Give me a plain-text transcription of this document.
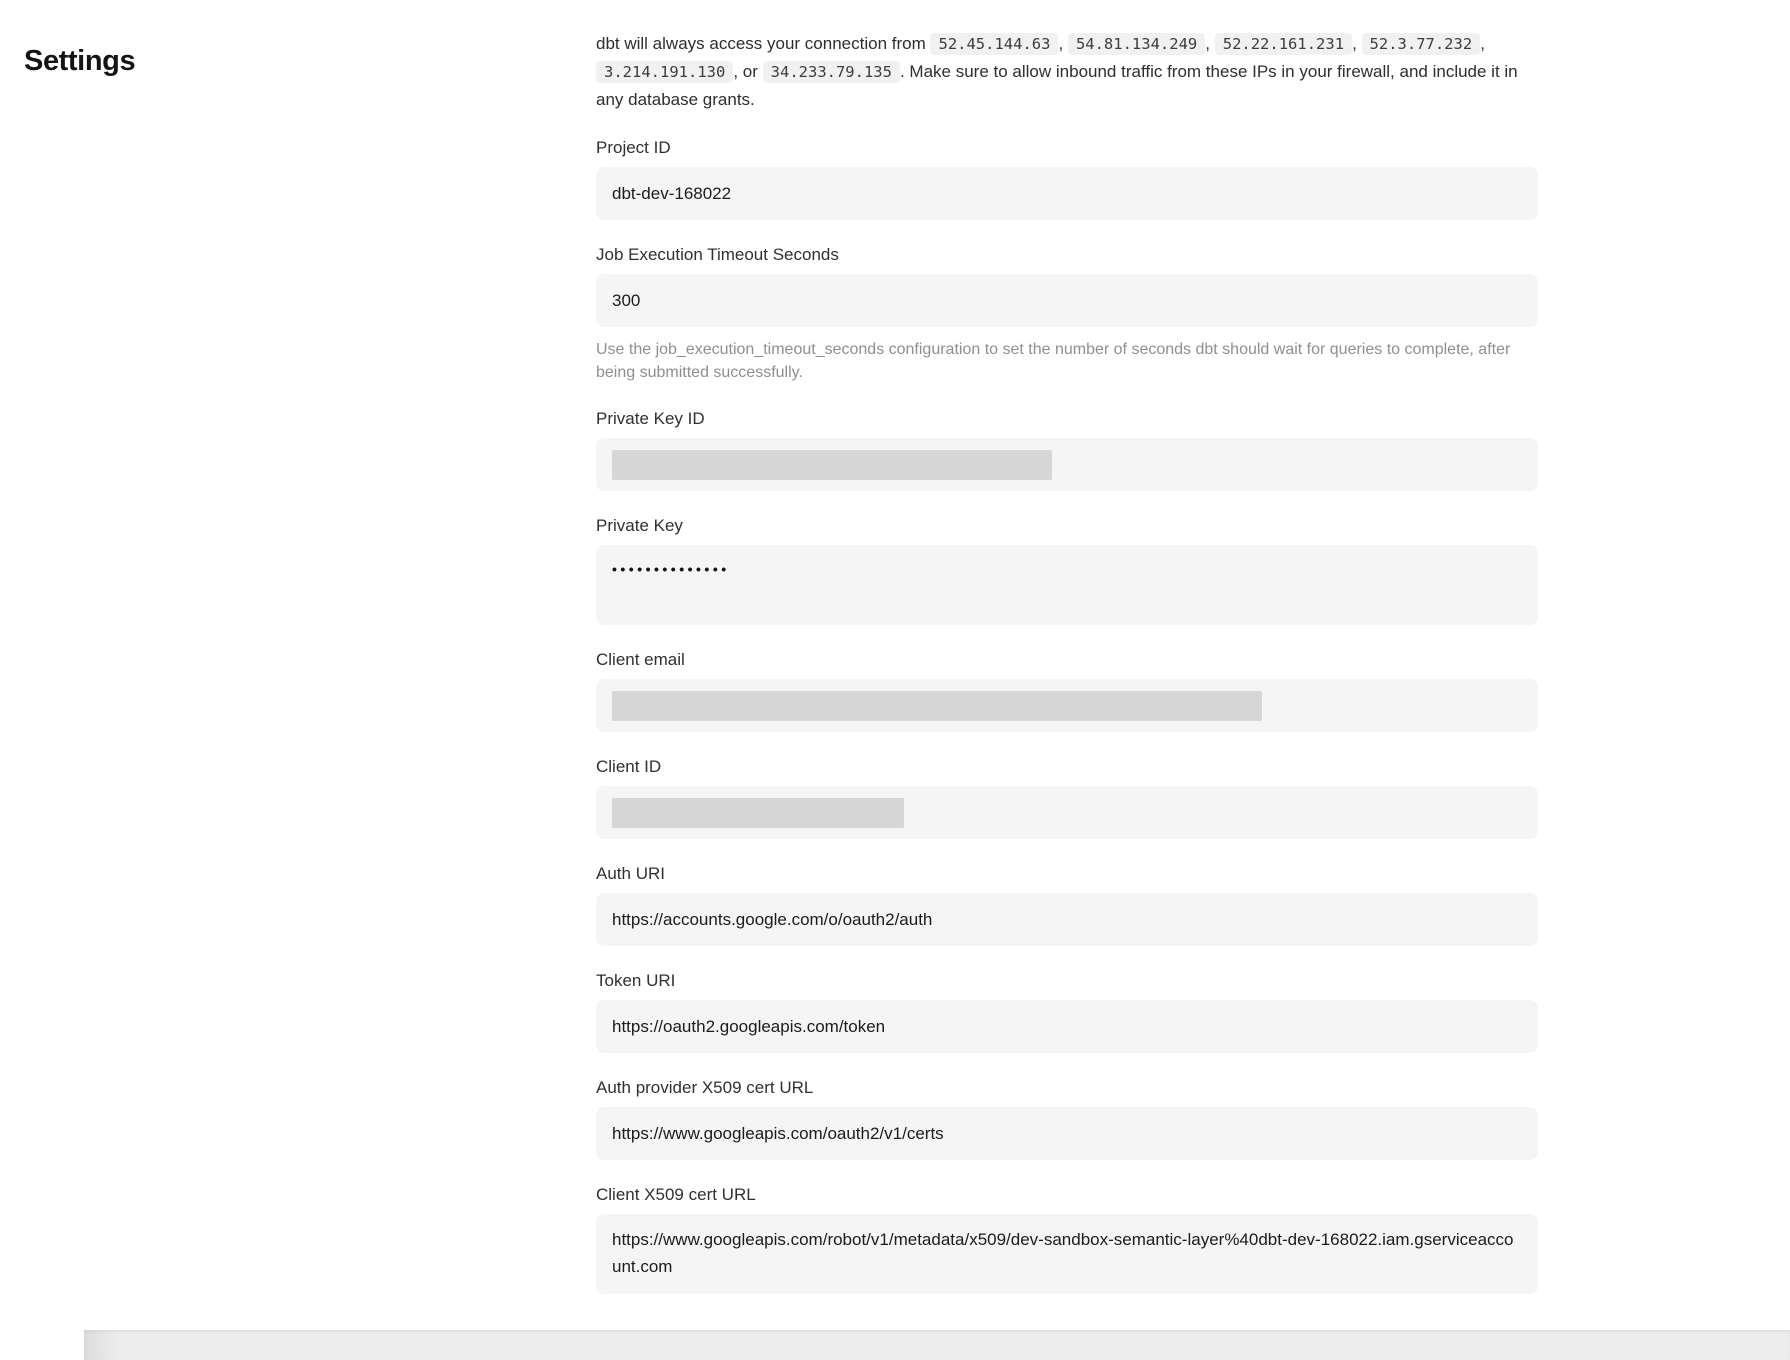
Settings

dbt will always access your connection from 52.45.144.63 , 54.81.134.249 , 52.22.161.231 , 52.3.77.232 , 3.214.191.130 , or 34.233.79.135 . Make sure to allow inbound traffic from these IPs in your firewall, and include it in any database grants.

Project ID
dbt-dev-168022
Job Execution Timeout Seconds
300
Use the job_execution_timeout_seconds configuration to set the number of seconds dbt should wait for queries to complete, after being submitted successfully.
Private Key ID
Private Key
••••••••••••••
Client email
Client ID
Auth URI
https://accounts.google.com/o/oauth2/auth
Token URI
https://oauth2.googleapis.com/token
Auth provider X509 cert URL
https://www.googleapis.com/oauth2/v1/certs
Client X509 cert URL
https://www.googleapis.com/robot/v1/metadata/x509/dev-sandbox-semantic-layer%40dbt-dev-168022.iam.gserviceaccount.com
